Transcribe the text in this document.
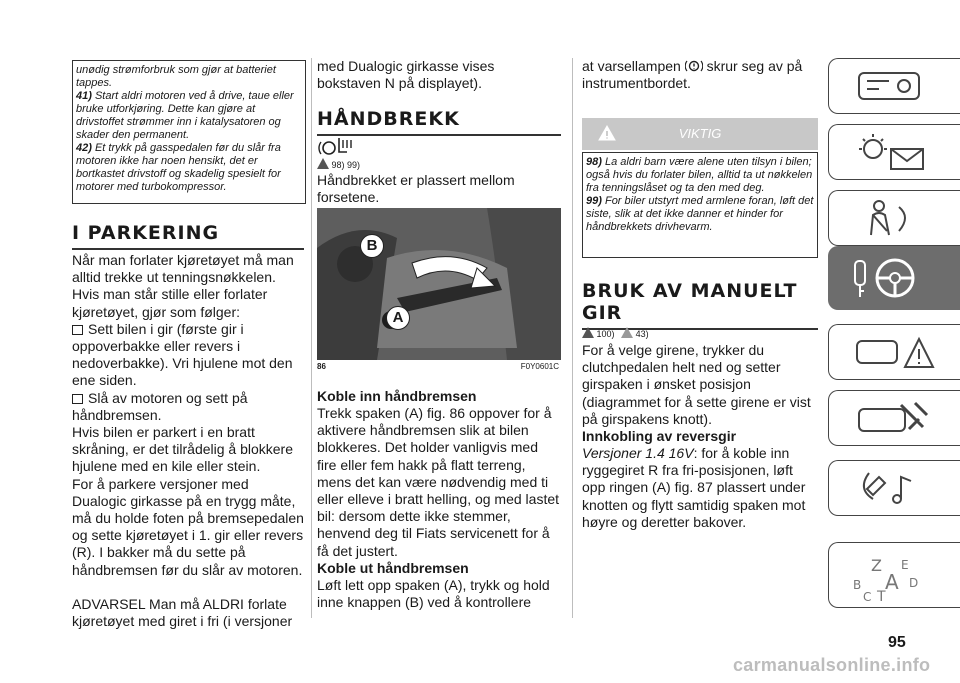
unødig strømforbruk som gjør at batteriet tappes.

41) Start aldri motoren ved å drive, taue eller bruke utforkjøring. Dette kan gjøre at drivstoffet strømmer inn i katalysatoren og skader den permanent.

42) Et trykk på gasspedalen før du slår fra motoren ikke har noen hensikt, det er bortkastet drivstoff og skadelig spesielt for motorer med turbokompressor.

I PARKERING

Når man forlater kjøretøyet må man alltid trekke ut tenningsnøkkelen.

Hvis man står stille eller forlater kjøretøyet, gjør som følger:

Sett bilen i gir (første gir i oppoverbakke eller revers i nedoverbakke). Vri hjulene mot den ene siden.

Slå av motoren og sett på håndbremsen.

Hvis bilen er parkert i en bratt skråning, er det tilrådelig å blokkere hjulene med en kile eller stein.

For å parkere versjoner med Dualogic girkasse på en trygg måte, må du holde foten på bremsepedalen og sette kjøretøyet i 1. gir eller revers (R). I bakker må du sette på håndbremsen før du slår av motoren.

ADVARSEL Man må ALDRI forlate kjøretøyet med giret i fri (i versjoner

med Dualogic girkasse vises bokstaven N på displayet).

HÅNDBREKK
98) 99)

Håndbrekket er plassert mellom forsetene.

B
A
86	F0Y0601C
Koble inn håndbremsen

Trekk spaken (A) fig. 86 oppover for å aktivere håndbremsen slik at bilen blokkeres. Det holder vanligvis med fire eller fem hakk på flatt terreng, mens det kan være nødvendig med ti eller elleve i bratt helling, og med lastet bil: dersom dette ikke stemmer, henvend deg til Fiats servicenett for å få det justert.

Koble ut håndbremsen

Løft lett opp spaken (A), trykk og hold inne knappen (B) ved å kontrollere

at varsellampen skrur seg av på instrumentbordet.

VIKTIG

98) La aldri barn være alene uten tilsyn i bilen; også hvis du forlater bilen, alltid ta ut nøkkelen fra tenningslåset og ta den med deg.

99) For biler utstyrt med armlene foran, løft det siste, slik at det ikke danner et hinder for håndbrekkets drivhevarm.

BRUK AV MANUELT GIR
100) 43)

For å velge girene, trykker du clutchpedalen helt ned og setter girspaken i ønsket posisjon (diagrammet for å sette girene er vist på girspakens knott).

Innkobling av reversgir

Versjoner 1.4 16V: for å koble inn ryggegiret R fra fri-posisjonen, løft opp ringen (A) fig. 87 plassert under knotten og flytt samtidig spaken mot høyre og deretter bakover.

Z E
B A D
C T
95
carmanualsonline.info
